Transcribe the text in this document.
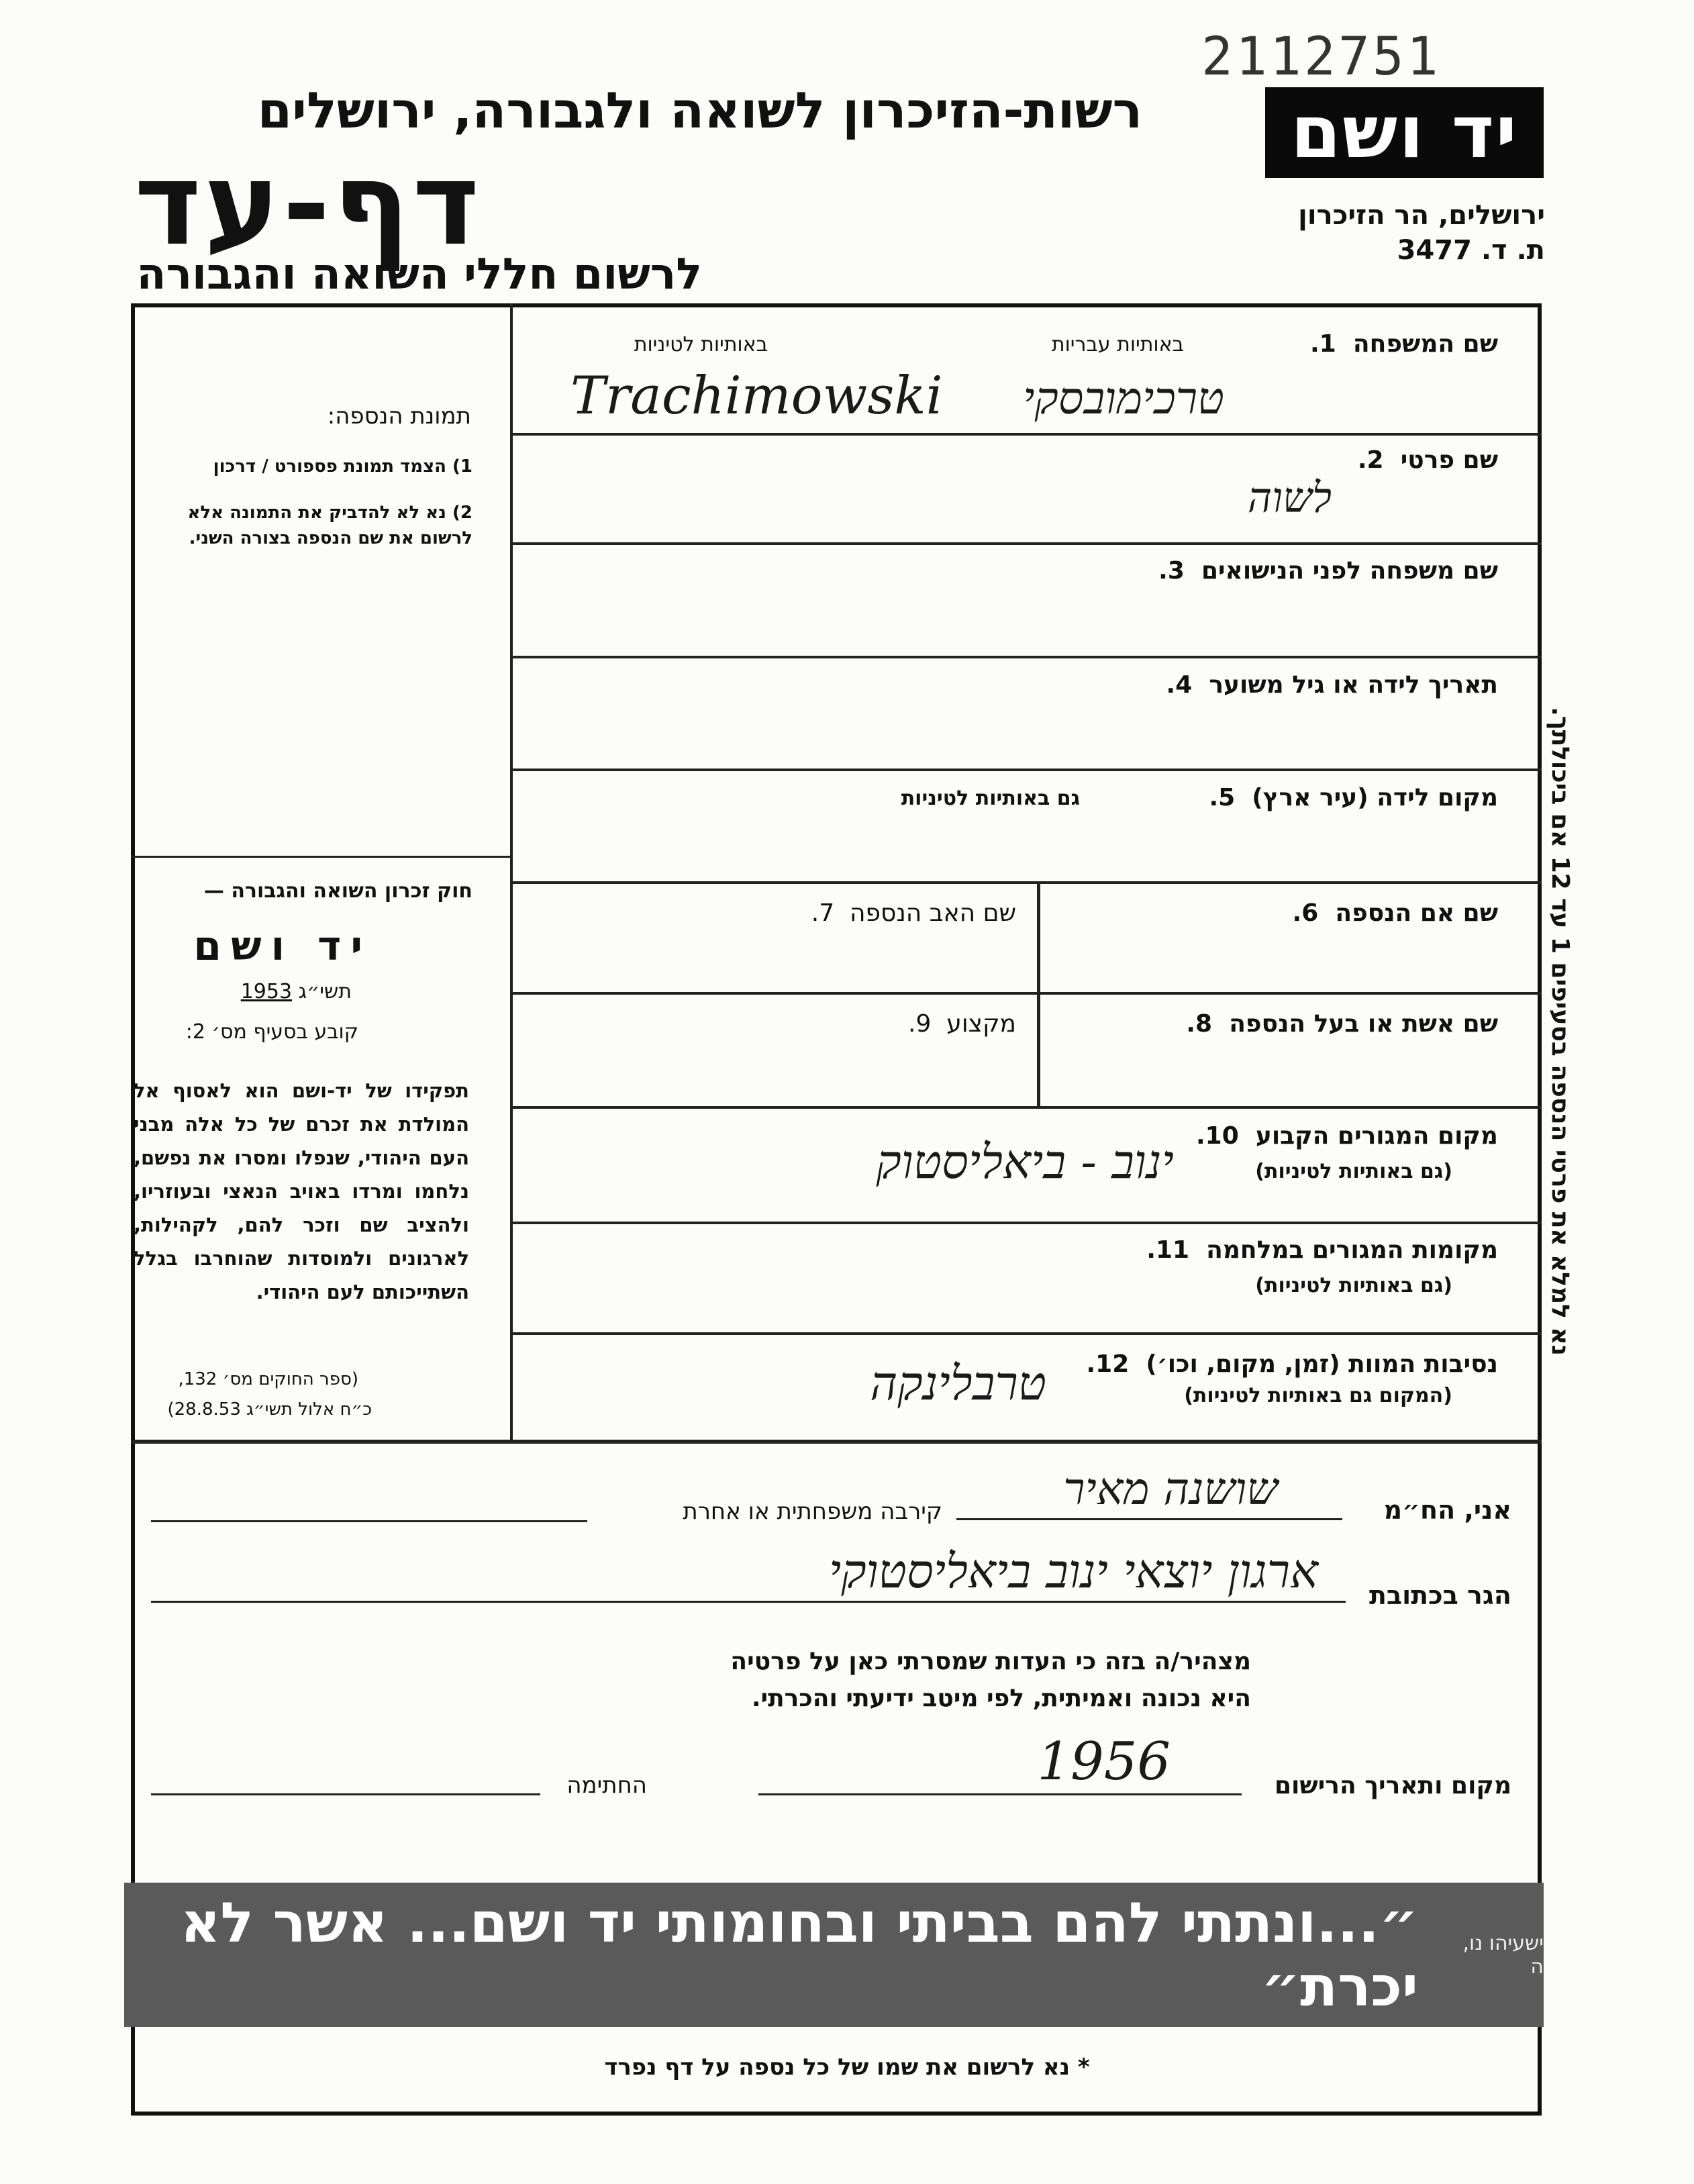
2112751
יד ושם
ירושלים, הר הזיכרון
ת. ד. 3477
רשות-הזיכרון לשואה ולגבורה, ירושלים
דף-עד
לרשום חללי השואה והגבורה
שם המשפחה  1.
באותיות עבריות
באותיות לטיניות
טרכימובסקי
Trachimowski
שם פרטי  2.
לשוה
שם משפחה לפני הנישואים  3.
תאריך לידה או גיל משוער  4.
מקום לידה (עיר ארץ)  5.
גם באותיות לטיניות
שם אם הנספה  6.
שם האב הנספה  7.
שם אשת או בעל הנספה  8.
מקצוע  9.
מקום המגורים הקבוע  10.
(גם באותיות לטיניות)
ינוב - ביאליסטוק
מקומות המגורים במלחמה  11.
(גם באותיות לטיניות)
נסיבות המוות (זמן, מקום, וכו׳)  12.
(המקום גם באותיות לטיניות)
טרבלינקה
תמונת הנספה:
1) הצמד תמונת פספורט / דרכון
2) נא לא להדביק את התמונה אלא לרשום את שם הנספה בצורה השני.
חוק זכרון השואה והגבורה —
יד ושם
תשי״ג 1953
קובע בסעיף מס׳ 2:
תפקידו של יד-ושם הוא לאסוף אל המולדת את זכרם של כל אלה מבני העם היהודי, שנפלו ומסרו את נפשם, נלחמו ומרדו באויב הנאצי ובעוזריו, ולהציב שם וזכר להם, לקהילות, לארגונים ולמוסדות שהוחרבו בגלל השתייכותם לעם היהודי.
(ספר החוקים מס׳ 132,
כ״ח אלול תשי״ג 28.8.53)
אני, הח״מ
שושנה מאיר
קירבה משפחתית או אחרת
הגר בכתובת
ארגון יוצאי ינוב ביאליסטוקי
מצהיר/ה בזה כי העדות שמסרתי כאן על פרטיה
היא נכונה ואמיתית, לפי מיטב ידיעתי והכרתי.
מקום ותאריך הרישום
1956
החתימה
נא למלא את פרטי הנספה בסעיפים 1 עד 12 אם ביכולתך.
ישעיהו נו, ה
״...ונתתי להם בביתי ובחומותי יד ושם... אשר לא יכרת״
* נא לרשום את שמו של כל נספה על דף נפרד
